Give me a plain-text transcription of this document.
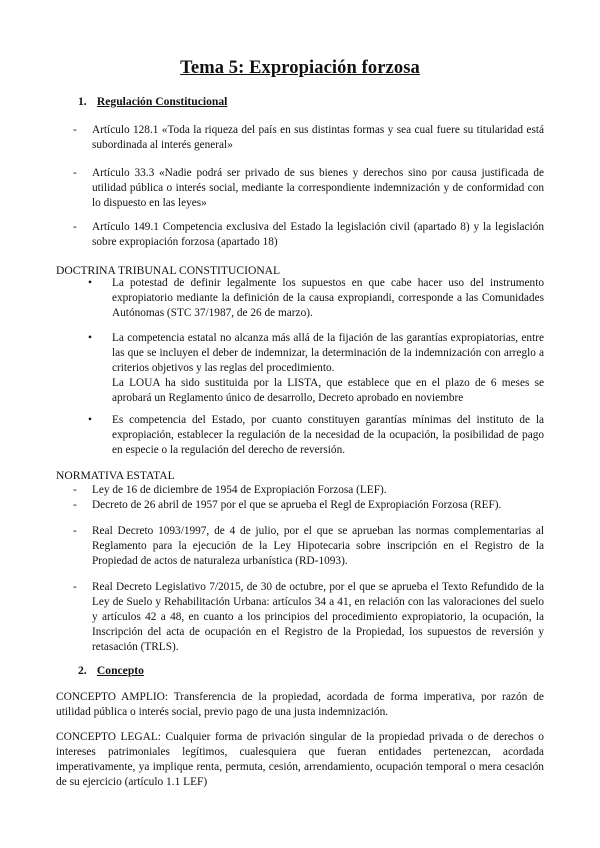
Tema 5: Expropiación forzosa
1. Regulación Constitucional
- Artículo 128.1 «Toda la riqueza del país en sus distintas formas y sea cual fuere su titularidad está subordinada al interés general»
- Artículo 33.3 «Nadie podrá ser privado de sus bienes y derechos sino por causa justificada de utilidad pública o interés social, mediante la correspondiente indemnización y de conformidad con lo dispuesto en las leyes»
- Artículo 149.1 Competencia exclusiva del Estado la legislación civil (apartado 8) y la legislación sobre expropiación forzosa (apartado 18)
DOCTRINA TRIBUNAL CONSTITUCIONAL
• La potestad de definir legalmente los supuestos en que cabe hacer uso del instrumento expropiatorio mediante la definición de la causa expropiandi, corresponde a las Comunidades Autónomas (STC 37/1987, de 26 de marzo).
• La competencia estatal no alcanza más allá de la fijación de las garantías expropiatorias, entre las que se incluyen el deber de indemnizar, la determinación de la indemnización con arreglo a criterios objetivos y las reglas del procedimiento.
La LOUA ha sido sustituida por la LISTA, que establece que en el plazo de 6 meses se aprobará un Reglamento único de desarrollo, Decreto aprobado en noviembre
• Es competencia del Estado, por cuanto constituyen garantías mínimas del instituto de la expropiación, establecer la regulación de la necesidad de la ocupación, la posibilidad de pago en especie o la regulación del derecho de reversión.
NORMATIVA ESTATAL
- Ley de 16 de diciembre de 1954 de Expropiación Forzosa (LEF).
- Decreto de 26 abril de 1957 por el que se aprueba el Regl de Expropiación Forzosa (REF).
- Real Decreto 1093/1997, de 4 de julio, por el que se aprueban las normas complementarias al Reglamento para la ejecución de la Ley Hipotecaria sobre inscripción en el Registro de la Propiedad de actos de naturaleza urbanística (RD-1093).
- Real Decreto Legislativo 7/2015, de 30 de octubre, por el que se aprueba el Texto Refundido de la Ley de Suelo y Rehabilitación Urbana: artículos 34 a 41, en relación con las valoraciones del suelo y artículos 42 a 48, en cuanto a los principios del procedimiento expropiatorio, la ocupación, la Inscripción del acta de ocupación en el Registro de la Propiedad, los supuestos de reversión y retasación (TRLS).
2. Concepto

CONCEPTO AMPLIO: Transferencia de la propiedad, acordada de forma imperativa, por razón de utilidad pública o interés social, previo pago de una justa indemnización.

CONCEPTO LEGAL: Cualquier forma de privación singular de la propiedad privada o de derechos o intereses patrimoniales legítimos, cualesquiera que fueran entidades pertenezcan, acordada imperativamente, ya implique renta, permuta, cesión, arrendamiento, ocupación temporal o mera cesación de su ejercicio (artículo 1.1 LEF)
